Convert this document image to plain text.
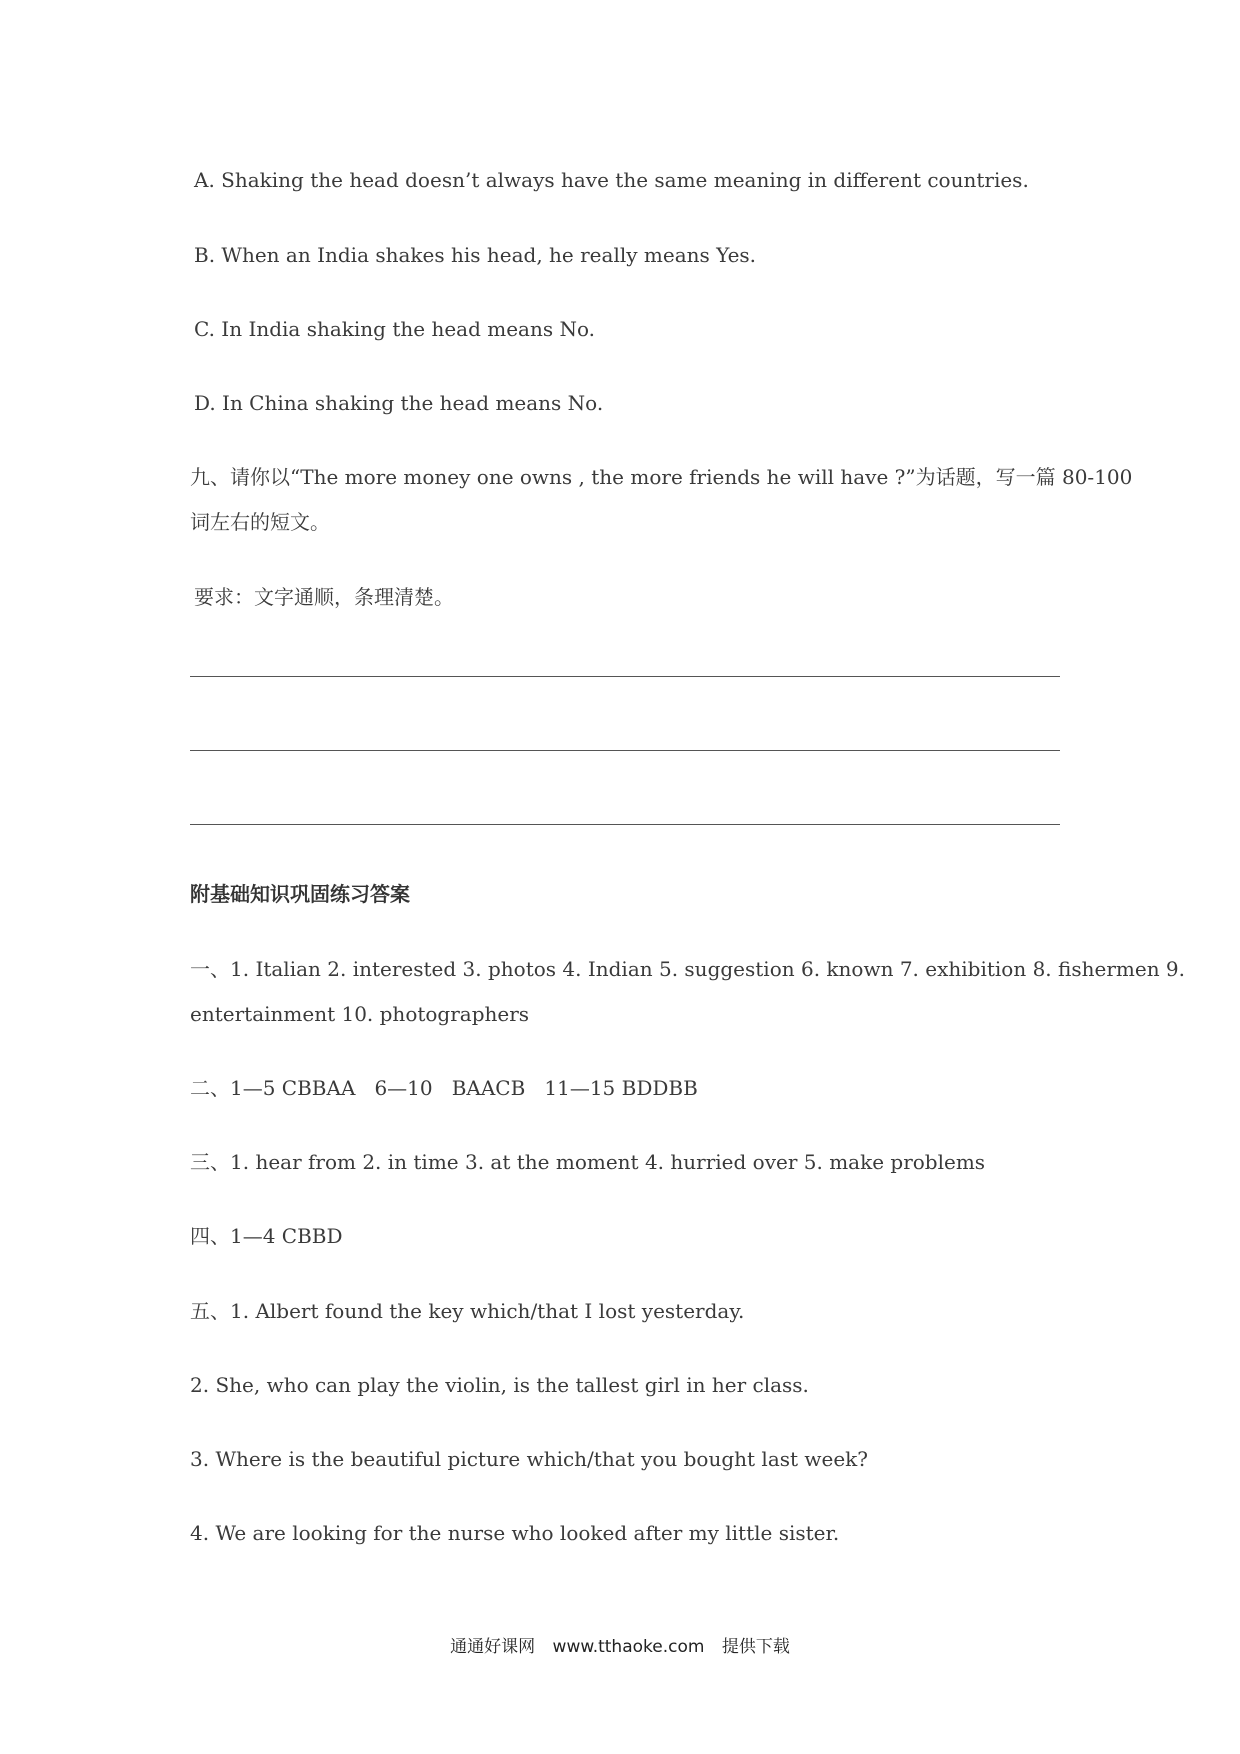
A. Shaking the head doesn’t always have the same meaning in different countries.
B. When an India shakes his head, he really means Yes.
C. In India shaking the head means No.
D. In China shaking the head means No.
九、请你以“The more money one owns , the more friends he will have ?”为话题，写一篇 80-100
词左右的短文。
要求：文字通顺，条理清楚。
附基础知识巩固练习答案
一、1. Italian 2. interested 3. photos 4. Indian 5. suggestion 6. known 7. exhibition 8. fishermen 9.
entertainment 10. photographers
二、1—5 CBBAA   6—10   BAACB   11—15 BDDBB
三、1. hear from 2. in time 3. at the moment 4. hurried over 5. make problems
四、1—4 CBBD
五、1. Albert found the key which/that I lost yesterday.
2. She, who can play the violin, is the tallest girl in her class.
3. Where is the beautiful picture which/that you bought last week?
4. We are looking for the nurse who looked after my little sister.
通通好课网 www.tthaoke.com 提供下载
